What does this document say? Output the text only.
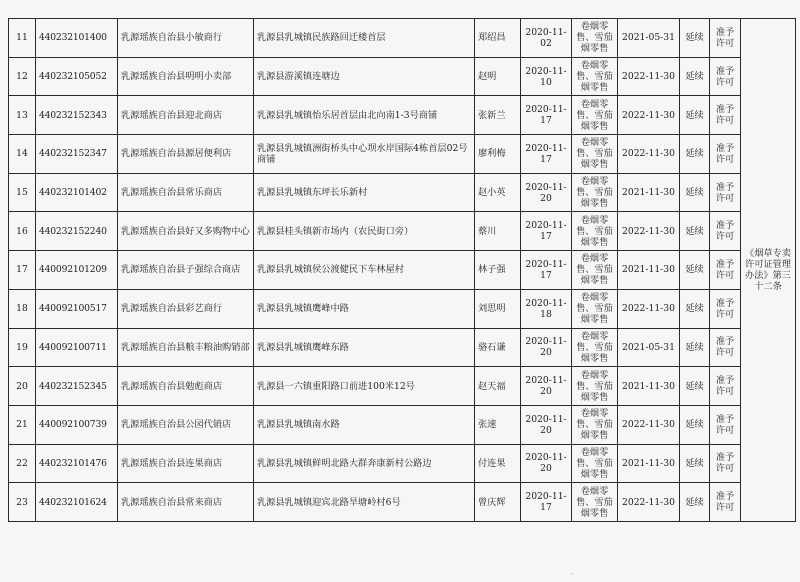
11	440232101400	乳源瑶族自治县小敏商行	乳源县乳城镇民族路回迁楼首层	郑绍昌	2020-11-02	卷烟零售、雪茄烟零售	2021-05-31	延续	准予许可	《烟草专卖许可证管理办法》第三十二条
12	440232105052	乳源瑶族自治县明明小卖部	乳源县游溪镇连塘边	赵明	2020-11-10	卷烟零售、雪茄烟零售	2022-11-30	延续	准予许可	
13	440232152343	乳源瑶族自治县迎北商店	乳源县乳城镇怡乐居首层由北向南1-3号商铺	张新兰	2020-11-17	卷烟零售、雪茄烟零售	2022-11-30	延续	准予许可	
14	440232152347	乳源瑶族自治县源居便利店	乳源县乳城镇洲街桥头中心坝水岸国际4栋首层02号商铺	廖利梅	2020-11-17	卷烟零售、雪茄烟零售	2022-11-30	延续	准予许可	
15	440232101402	乳源瑶族自治县常乐商店	乳源县乳城镇东坪长乐新村	赵小英	2020-11-20	卷烟零售、雪茄烟零售	2021-11-30	延续	准予许可	
16	440232152240	乳源瑶族自治县好又多购物中心	乳源县桂头镇新市场内（农民街口旁）	蔡川	2020-11-17	卷烟零售、雪茄烟零售	2022-11-30	延续	准予许可	
17	440092101209	乳源瑶族自治县子强综合商店	乳源县乳城镇侯公渡健民下车林屋村	林子强	2020-11-17	卷烟零售、雪茄烟零售	2021-11-30	延续	准予许可	
18	440092100517	乳源瑶族自治县彩艺商行	乳源县乳城镇鹰峰中路	刘思明	2020-11-18	卷烟零售、雪茄烟零售	2022-11-30	延续	准予许可	
19	440092100711	乳源瑶族自治县粮丰粮油购销部	乳源县乳城镇鹰峰东路	骆石谦	2020-11-20	卷烟零售、雪茄烟零售	2021-05-31	延续	准予许可	
20	440232152345	乳源瑶族自治县勉彪商店	乳源县一六镇重阳路口前进100米12号	赵天福	2020-11-20	卷烟零售、雪茄烟零售	2021-11-30	延续	准予许可	
21	440092100739	乳源瑶族自治县公园代销店	乳源县乳城镇南水路	张速	2020-11-20	卷烟零售、雪茄烟零售	2022-11-30	延续	准予许可	
22	440232101476	乳源瑶族自治县连果商店	乳源县乳城镇鲜明北路大群奔康新村公路边	付连果	2020-11-20	卷烟零售、雪茄烟零售	2021-11-30	延续	准予许可	
23	440232101624	乳源瑶族自治县常来商店	乳源县乳城镇迎宾北路旱塘岭村6号	曾庆辉	2020-11-17	卷烟零售、雪茄烟零售	2022-11-30	延续	准予许可	
·
